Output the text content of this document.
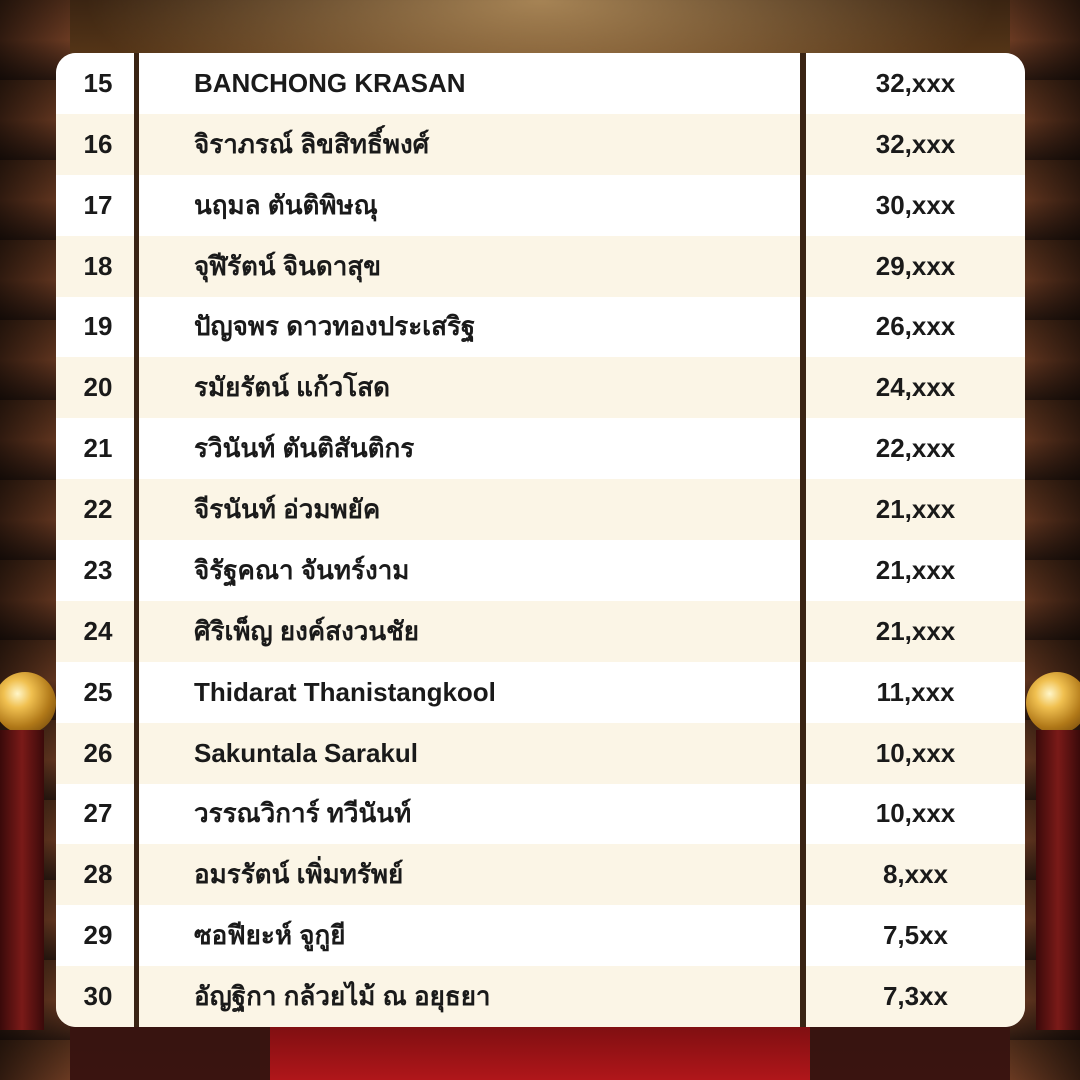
15	BANCHONG KRASAN	32,xxx
16	จิราภรณ์ ลิขสิทธิ์พงศ์	32,xxx
17	นฤมล ตันติพิษณุ	30,xxx
18	จุฬีรัตน์ จินดาสุข	29,xxx
19	ปัญจพร ดาวทองประเสริฐ	26,xxx
20	รมัยรัตน์ แก้วโสด	24,xxx
21	รวินันท์ ตันติสันติกร	22,xxx
22	จีรนันท์ อ่วมพยัค	21,xxx
23	จิรัฐคณา จันทร์งาม	21,xxx
24	ศิริเพ็ญ ยงค์สงวนชัย	21,xxx
25	Thidarat Thanistangkool	11,xxx
26	Sakuntala Sarakul	10,xxx
27	วรรณวิการ์ ทวีนันท์	10,xxx
28	อมรรัตน์ เพิ่มทรัพย์	8,xxx
29	ซอฟียะห์ จูกูยี	7,5xx
30	อัญฐิกา กล้วยไม้ ณ อยุธยา	7,3xx
